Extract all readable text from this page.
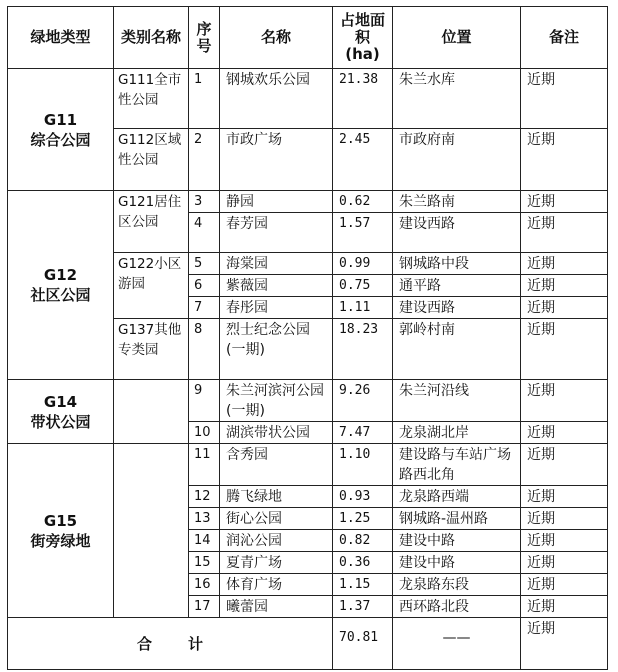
绿地类型	类别名称	序号	名称	占地面积(ha)	位置	备注

G11
综合公园	G111全市性公园	1	钢城欢乐公园	21.38	朱兰水库	近期
	G112区域性公园	2	市政广场	2.45	市政府南	近期

G12
社区公园	G121居住区公园	3	静园	0.62	朱兰路南	近期
		4	春芳园	1.57	建设西路	近期
	G122小区游园	5	海棠园	0.99	钢城路中段	近期
		6	紫薇园	0.75	通平路	近期
		7	春彤园	1.11	建设西路	近期
	G137其他专类园	8	烈士纪念公园(一期)	18.23	郭岭村南	近期

G14
带状公园		9	朱兰河滨河公园(一期)	9.26	朱兰河沿线	近期
		10	湖滨带状公园	7.47	龙泉湖北岸	近期

G15
街旁绿地		11	含秀园	1.10	建设路与车站广场路西北角	近期
		12	腾飞绿地	0.93	龙泉路西端	近期
		13	街心公园	1.25	钢城路-温州路	近期
		14	润沁公园	0.82	建设中路	近期
		15	夏青广场	0.36	建设中路	近期
		16	体育广场	1.15	龙泉路东段	近期
		17	曦蕾园	1.37	西环路北段	近期
合 计				70.81	——	近期
